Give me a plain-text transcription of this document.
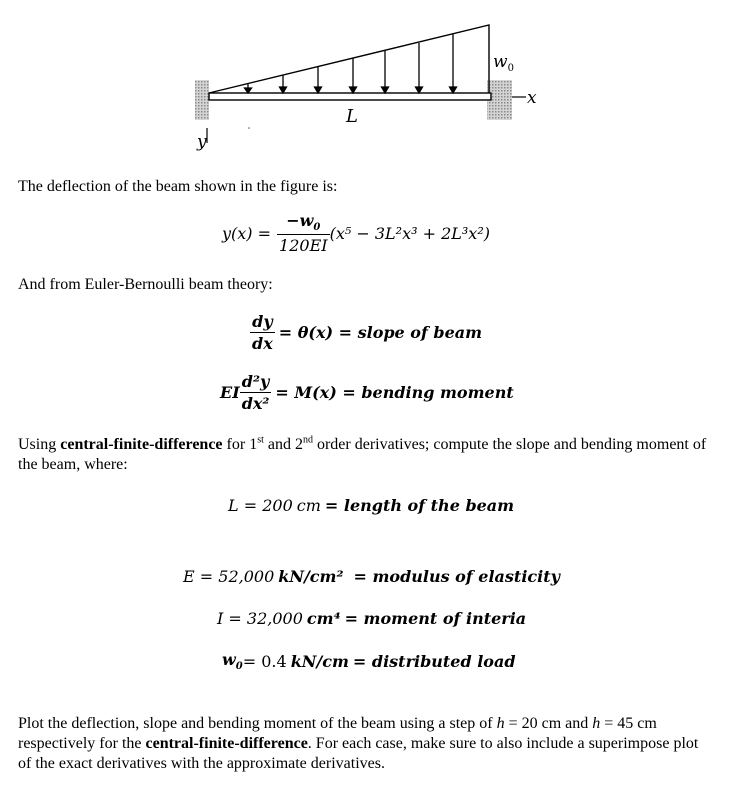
L
$w_0$
x
y
The deflection of the beam shown in the figure is:
$y(x) = \frac{-w_0}{120EI} (x^5 - 3L^2x^3 + 2L^3x^2)$
And from Euler-Bernoulli beam theory:
$\frac{dy}{dx} = \theta(x)$ = slope of beam
EI $\frac{\text{d²y}}{\text{dx²}} = M(x)$ = bending moment
Using central-finite-difference for 1st and 2nd order derivatives; compute the slope and bending moment of the beam, where:
L = 200 cm = length of the beam
E = 52,000 kN/cm² = modulus of elasticity
I = 32,000 cm⁴ = moment of interia
$w_0 = 0.4$ kN/cm = distributed load
Plot the deflection, slope and bending moment of the beam using a step of h = 20 cm and h = 45 cm respectively for the central-finite-difference. For each case, make sure to also include a superimpose plot of the exact derivatives with the approximate derivatives.
